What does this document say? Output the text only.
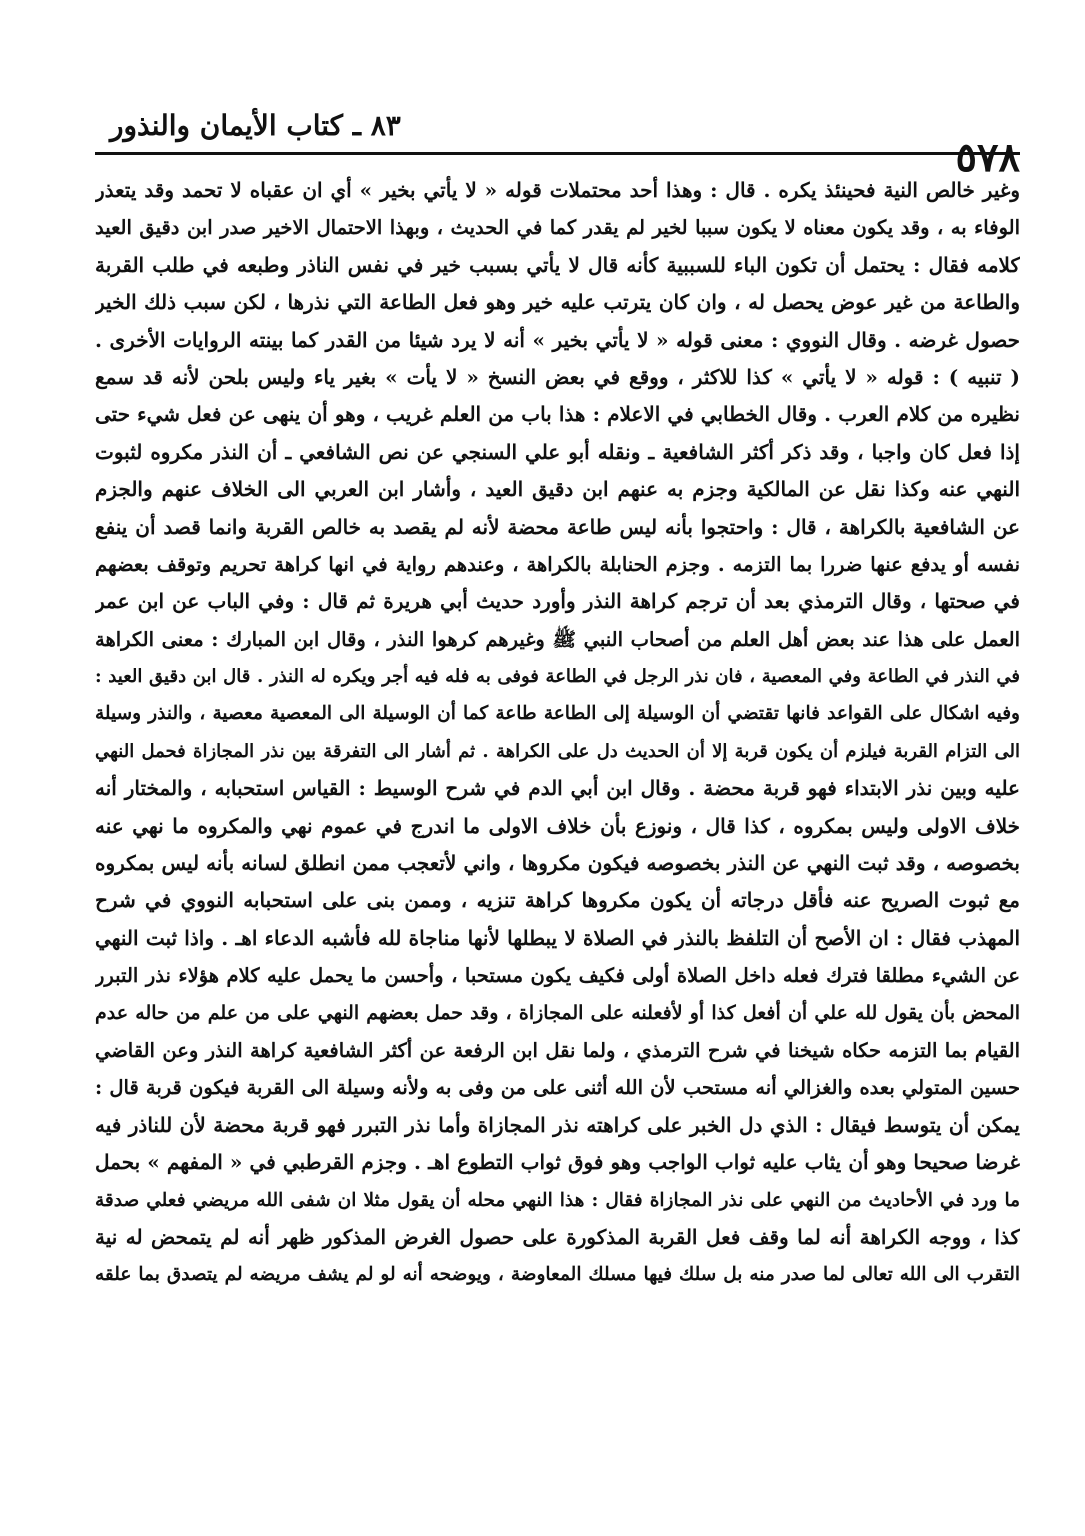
٥٧٨
٨٣ ـ كتاب الأيمان والنذور
وغير خالص النية فحينئذ يكره . قال : وهذا أحد محتملات قوله « لا يأتي بخير » أي ان عقباه لا تحمد وقد يتعذر
الوفاء به ، وقد يكون معناه لا يكون سببا لخير لم يقدر كما في الحديث ، وبهذا الاحتمال الاخير صدر ابن دقيق العيد
كلامه فقال : يحتمل أن تكون الباء للسببية كأنه قال لا يأتي بسبب خير في نفس الناذر وطبعه في طلب القربة
والطاعة من غير عوض يحصل له ، وان كان يترتب عليه خير وهو فعل الطاعة التي نذرها ، لكن سبب ذلك الخير
حصول غرضه . وقال النووي : معنى قوله « لا يأتي بخير » أنه لا يرد شيئا من القدر كما بينته الروايات الأخرى .
( تنبيه ) : قوله « لا يأتي » كذا للاكثر ، ووقع في بعض النسخ « لا يأت » بغير ياء وليس بلحن لأنه قد سمع
نظيره من كلام العرب . وقال الخطابي في الاعلام : هذا باب من العلم غريب ، وهو أن ينهى عن فعل شيء حتى
إذا فعل كان واجبا ، وقد ذكر أكثر الشافعية ـ ونقله أبو علي السنجي عن نص الشافعي ـ أن النذر مكروه لثبوت
النهي عنه وكذا نقل عن المالكية وجزم به عنهم ابن دقيق العيد ، وأشار ابن العربي الى الخلاف عنهم والجزم
عن الشافعية بالكراهة ، قال : واحتجوا بأنه ليس طاعة محضة لأنه لم يقصد به خالص القربة وانما قصد أن ينفع
نفسه أو يدفع عنها ضررا بما التزمه . وجزم الحنابلة بالكراهة ، وعندهم رواية في انها كراهة تحريم وتوقف بعضهم
في صحتها ، وقال الترمذي بعد أن ترجم كراهة النذر وأورد حديث أبي هريرة ثم قال : وفي الباب عن ابن عمر
العمل على هذا عند بعض أهل العلم من أصحاب النبي ﷺ وغيرهم كرهوا النذر ، وقال ابن المبارك : معنى الكراهة
في النذر في الطاعة وفي المعصية ، فان نذر الرجل في الطاعة فوفى به فله فيه أجر ويكره له النذر . قال ابن دقيق العيد :
وفيه اشكال على القواعد فانها تقتضي أن الوسيلة إلى الطاعة طاعة كما أن الوسيلة الى المعصية معصية ، والنذر وسيلة
الى التزام القربة فيلزم أن يكون قربة إلا أن الحديث دل على الكراهة . ثم أشار الى التفرقة بين نذر المجازاة فحمل النهي
عليه وبين نذر الابتداء فهو قربة محضة . وقال ابن أبي الدم في شرح الوسيط : القياس استحبابه ، والمختار أنه
خلاف الاولى وليس بمكروه ، كذا قال ، ونوزع بأن خلاف الاولى ما اندرج في عموم نهي والمكروه ما نهي عنه
بخصوصه ، وقد ثبت النهي عن النذر بخصوصه فيكون مكروها ، واني لأتعجب ممن انطلق لسانه بأنه ليس بمكروه
مع ثبوت الصريح عنه فأقل درجاته أن يكون مكروها كراهة تنزيه ، وممن بنى على استحبابه النووي في شرح
المهذب فقال : ان الأصح أن التلفظ بالنذر في الصلاة لا يبطلها لأنها مناجاة لله فأشبه الدعاء اهـ . واذا ثبت النهي
عن الشيء مطلقا فترك فعله داخل الصلاة أولى فكيف يكون مستحبا ، وأحسن ما يحمل عليه كلام هؤلاء نذر التبرر
المحض بأن يقول لله علي أن أفعل كذا أو لأفعلنه على المجازاة ، وقد حمل بعضهم النهي على من علم من حاله عدم
القيام بما التزمه حكاه شيخنا في شرح الترمذي ، ولما نقل ابن الرفعة عن أكثر الشافعية كراهة النذر وعن القاضي
حسين المتولي بعده والغزالي أنه مستحب لأن الله أثنى على من وفى به ولأنه وسيلة الى القربة فيكون قربة قال :
يمكن أن يتوسط فيقال : الذي دل الخبر على كراهته نذر المجازاة وأما نذر التبرر فهو قربة محضة لأن للناذر فيه
غرضا صحيحا وهو أن يثاب عليه ثواب الواجب وهو فوق ثواب التطوع اهـ . وجزم القرطبي في « المفهم » بحمل
ما ورد في الأحاديث من النهي على نذر المجازاة فقال : هذا النهي محله أن يقول مثلا ان شفى الله مريضي فعلي صدقة
كذا ، ووجه الكراهة أنه لما وقف فعل القربة المذكورة على حصول الغرض المذكور ظهر أنه لم يتمحض له نية
التقرب الى الله تعالى لما صدر منه بل سلك فيها مسلك المعاوضة ، ويوضحه أنه لو لم يشف مريضه لم يتصدق بما علقه
